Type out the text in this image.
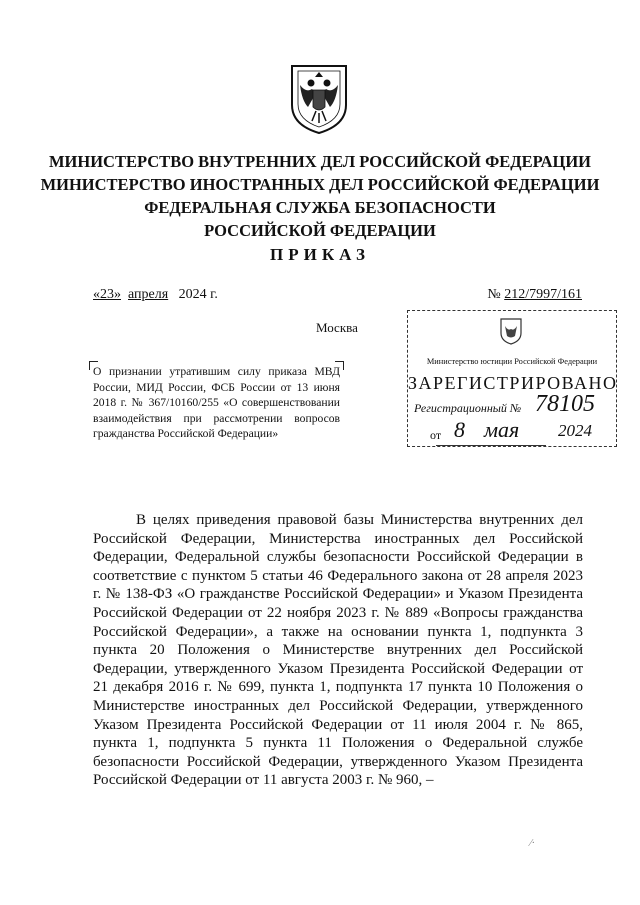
МИНИСТЕРСТВО ВНУТРЕННИХ ДЕЛ РОССИЙСКОЙ ФЕДЕРАЦИИ
МИНИСТЕРСТВО ИНОСТРАННЫХ ДЕЛ РОССИЙСКОЙ ФЕДЕРАЦИИ
ФЕДЕРАЛЬНАЯ СЛУЖБА БЕЗОПАСНОСТИ
РОССИЙСКОЙ ФЕДЕРАЦИИ
ПРИКАЗ
«23» апреля 2024 г.	№ 212/7997/161
Москва
О признании утратившим силу приказа МВД России, МИД России, ФСБ России от 13 июня 2018 г. № 367/10160/255 «О совершенствовании взаимодействия при рассмотрении вопросов гражданства Российской Федерации»
Министерство юстиции Российской Федерации
ЗАРЕГИСТРИРОВАНО
Регистрационный № 78105
от 8 мая 2024

В целях приведения правовой базы Министерства внутренних дел Российской Федерации, Министерства иностранных дел Российской Федерации, Федеральной службы безопасности Российской Федерации в соответствие с пунктом 5 статьи 46 Федерального закона от 28 апреля 2023 г. № 138-ФЗ «О гражданстве Российской Федерации» и Указом Президента Российской Федерации от 22 ноября 2023 г. № 889 «Вопросы гражданства Российской Федерации», а также на основании пункта 1, подпункта 3 пункта 20 Положения о Министерстве внутренних дел Российской Федерации, утвержденного Указом Президента Российской Федерации от 21 декабря 2016 г. № 699, пункта 1, подпункта 17 пункта 10 Положения о Министерстве иностранных дел Российской Федерации, утвержденного Указом Президента Российской Федерации от 11 июля 2004 г. № 865, пункта 1, подпункта 5 пункта 11 Положения о Федеральной службе безопасности Российской Федерации, утвержденного Указом Президента Российской Федерации от 11 августа 2003 г. № 960, –

⁄·
